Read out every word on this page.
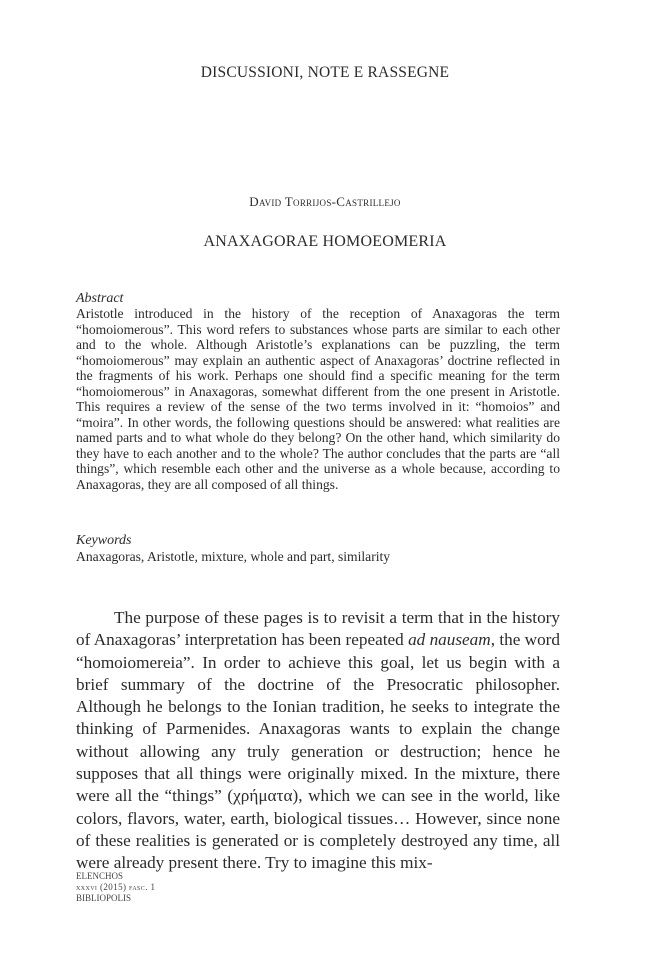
DISCUSSIONI, NOTE E RASSEGNE
David Torrijos-Castrillejo
ANAXAGORAE HOMOEOMERIA
Abstract
Aristotle introduced in the history of the reception of Anaxagoras the term “homoiomerous”. This word refers to substances whose parts are similar to each other and to the whole. Although Aristotle’s explanations can be puzzling, the term “homoiomerous” may explain an authentic aspect of Anaxagoras’ doctrine reflected in the fragments of his work. Perhaps one should find a specific meaning for the term “homoiomerous” in Anaxagoras, somewhat different from the one present in Aristotle. This requires a review of the sense of the two terms involved in it: “homoios” and “moira”. In other words, the following questions should be answered: what realities are named parts and to what whole do they belong? On the other hand, which similarity do they have to each another and to the whole? The author concludes that the parts are “all things”, which resemble each other and the universe as a whole because, according to Anaxagoras, they are all composed of all things.
Keywords
Anaxagoras, Aristotle, mixture, whole and part, similarity
The purpose of these pages is to revisit a term that in the history of Anaxagoras’ interpretation has been repeated ad nauseam, the word “homoiomereia”. In order to achieve this goal, let us begin with a brief summary of the doctrine of the Presocratic philosopher. Although he belongs to the Ionian tradition, he seeks to integrate the thinking of Parmenides. Anaxagoras wants to explain the change without allowing any truly generation or destruction; hence he supposes that all things were originally mixed. In the mixture, there were all the “things” (χρήματα), which we can see in the world, like colors, flavors, water, earth, biological tissues… However, since none of these realities is generated or is completely destroyed any time, all were already present there. Try to imagine this mix-
ELENCHOS
xxxvi (2015) fasc. 1
BIBLIOPOLIS
